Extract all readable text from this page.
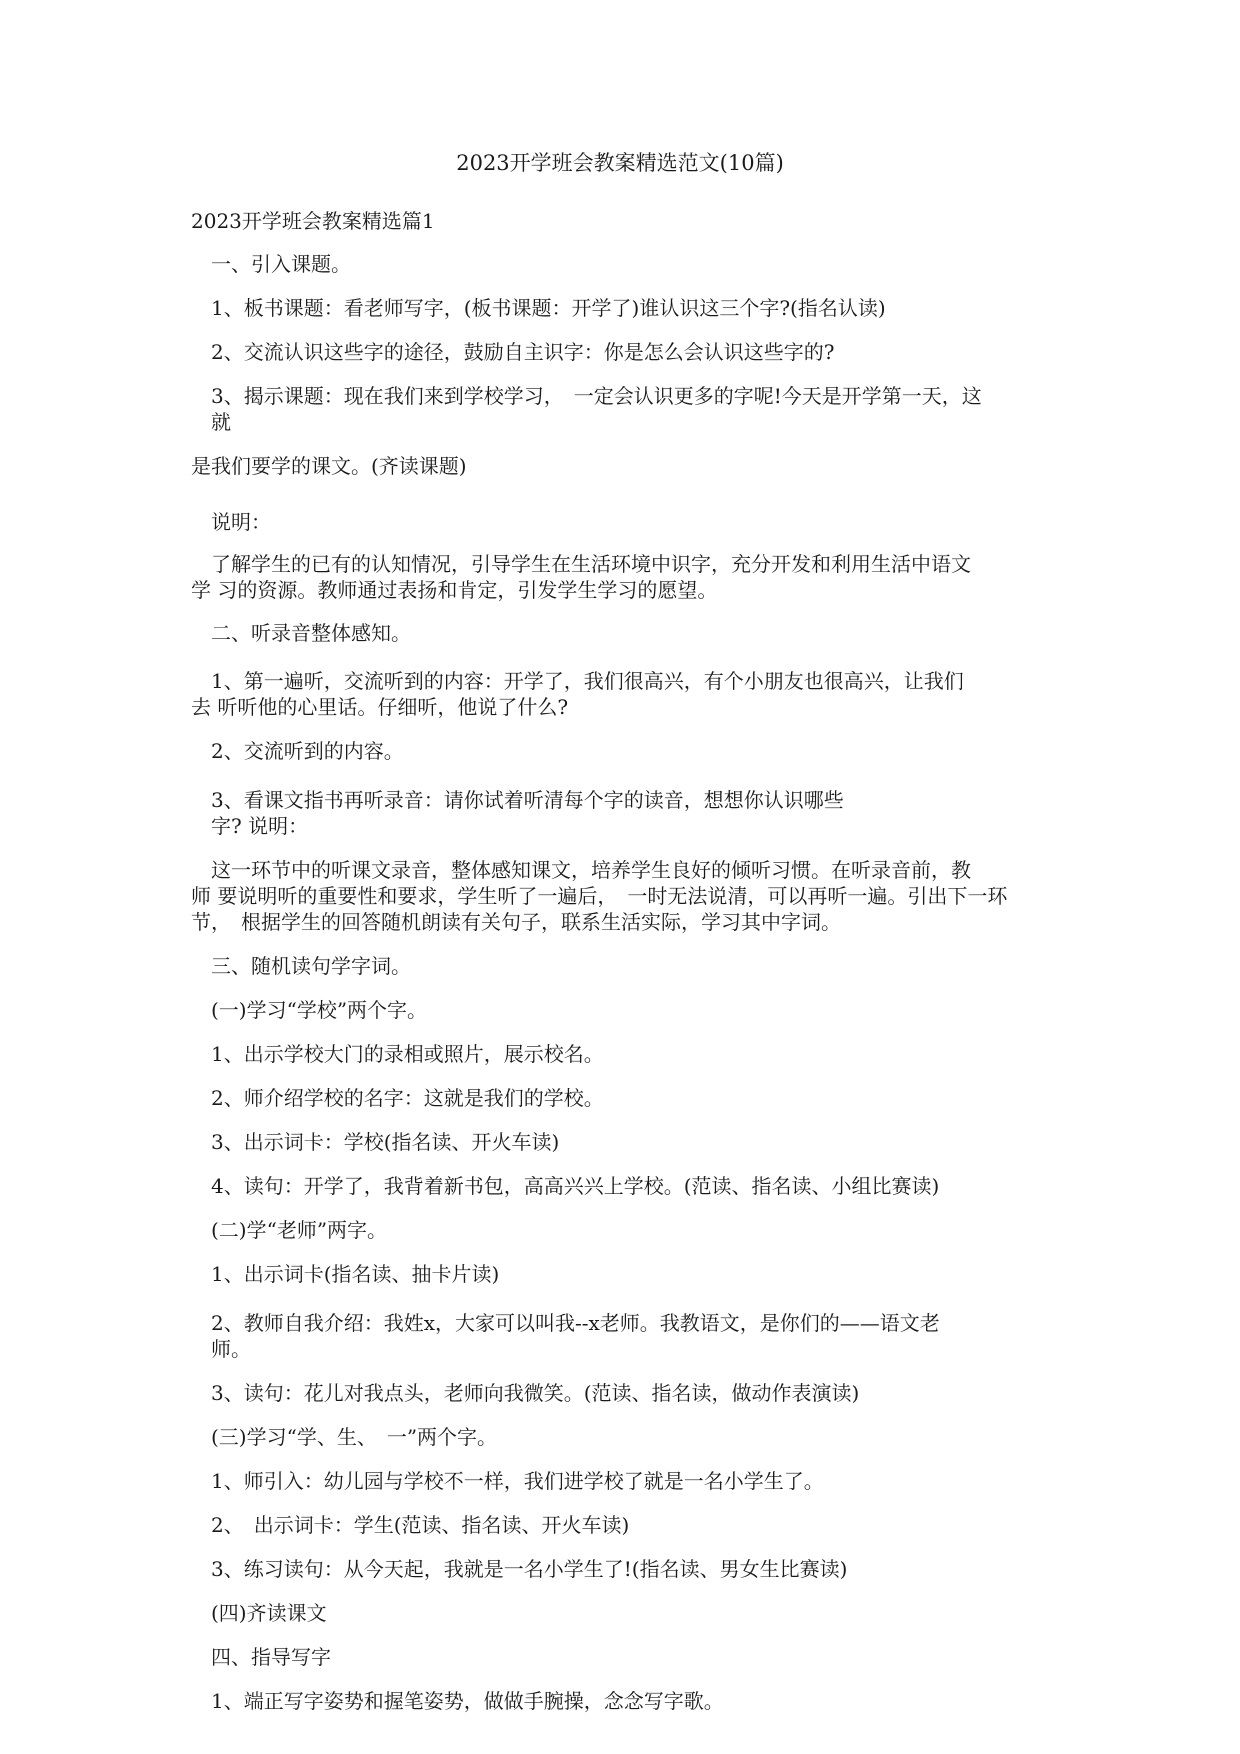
2023开学班会教案精选范文(10篇)
2023开学班会教案精选篇1
一、引入课题。
1、板书课题：看老师写字，(板书课题：开学了)谁认识这三个字?(指名认读)
2、交流认识这些字的途径，鼓励自主识字：你是怎么会认识这些字的?
3、揭示课题：现在我们来到学校学习，　一定会认识更多的字呢!今天是开学第一天，这
就
是我们要学的课文。(齐读课题)
说明：
了解学生的已有的认知情况，引导学生在生活环境中识字，充分开发和利用生活中语文
学 习的资源。教师通过表扬和肯定，引发学生学习的愿望。
二、听录音整体感知。
1、第一遍听，交流听到的内容：开学了，我们很高兴，有个小朋友也很高兴，让我们
去 听听他的心里话。仔细听，他说了什么?
2、交流听到的内容。
3、看课文指书再听录音：请你试着听清每个字的读音，想想你认识哪些
字? 说明：
这一环节中的听课文录音，整体感知课文，培养学生良好的倾听习惯。在听录音前，教
师 要说明听的重要性和要求，学生听了一遍后，　一时无法说清，可以再听一遍。引出下一环
节，　根据学生的回答随机朗读有关句子，联系生活实际，学习其中字词。
三、随机读句学字词。
(一)学习“学校”两个字。
1、出示学校大门的录相或照片，展示校名。
2、师介绍学校的名字：这就是我们的学校。
3、出示词卡：学校(指名读、开火车读)
4、读句：开学了，我背着新书包，高高兴兴上学校。(范读、指名读、小组比赛读)
(二)学“老师”两字。
1、出示词卡(指名读、抽卡片读)
2、教师自我介绍：我姓x，大家可以叫我--x老师。我教语文，是你们的——语文老
师。
3、读句：花儿对我点头，老师向我微笑。(范读、指名读，做动作表演读)
(三)学习“学、生、　一”两个字。
1、师引入：幼儿园与学校不一样，我们进学校了就是一名小学生了。
2、　出示词卡：学生(范读、指名读、开火车读)
3、练习读句：从今天起，我就是一名小学生了!(指名读、男女生比赛读)
(四)齐读课文
四、指导写字
1、端正写字姿势和握笔姿势，做做手腕操，念念写字歌。
